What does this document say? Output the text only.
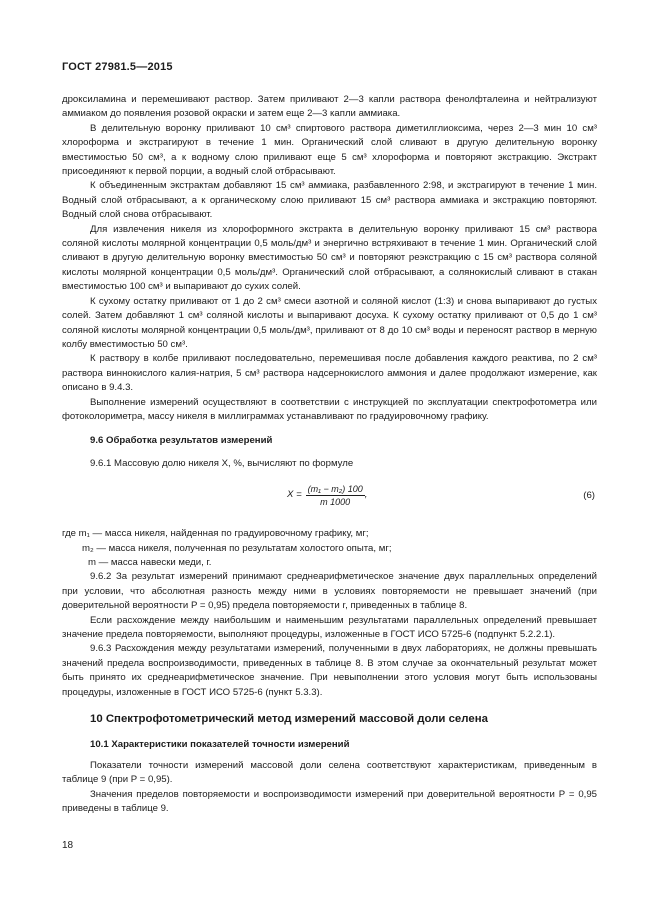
ГОСТ 27981.5—2015

дроксиламина и перемешивают раствор. Затем приливают 2—3 капли раствора фенолфталеина и нейтрализуют аммиаком до появления розовой окраски и затем еще 2—3 капли аммиака.

В делительную воронку приливают 10 см³ спиртового раствора диметилглиоксима, через 2—3 мин 10 см³ хлороформа и экстрагируют в течение 1 мин. Органический слой сливают в другую делительную воронку вместимостью 50 см³, а к водному слою приливают еще 5 см³ хлороформа и повторяют экстракцию. Экстракт присоединяют к первой порции, а водный слой отбрасывают.

К объединенным экстрактам добавляют 15 см³ аммиака, разбавленного 2:98, и экстрагируют в течение 1 мин. Водный слой отбрасывают, а к органическому слою приливают 15 см³ раствора аммиака и экстракцию повторяют. Водный слой снова отбрасывают.

Для извлечения никеля из хлороформного экстракта в делительную воронку приливают 15 см³ раствора соляной кислоты молярной концентрации 0,5 моль/дм³ и энергично встряхивают в течение 1 мин. Органический слой сливают в другую делительную воронку вместимостью 50 см³ и повторяют реэкстракцию с 15 см³ раствора соляной кислоты молярной концентрации 0,5 моль/дм³. Органический слой отбрасывают, а солянокислый сливают в стакан вместимостью 100 см³ и выпаривают до сухих солей.

К сухому остатку приливают от 1 до 2 см³ смеси азотной и соляной кислот (1:3) и снова выпаривают до густых солей. Затем добавляют 1 см³ соляной кислоты и выпаривают досуха. К сухому остатку приливают от 0,5 до 1 см³ соляной кислоты молярной концентрации 0,5 моль/дм³, приливают от 8 до 10 см³ воды и переносят раствор в мерную колбу вместимостью 50 см³.

К раствору в колбе приливают последовательно, перемешивая после добавления каждого реактива, по 2 см³ раствора виннокислого калия-натрия, 5 см³ раствора надсернокислого аммония и далее продолжают измерение, как описано в 9.4.3.

Выполнение измерений осуществляют в соответствии с инструкцией по эксплуатации спектрофотометра или фотоколориметра, массу никеля в миллиграммах устанавливают по градуировочному графику.

9.6 Обработка результатов измерений

9.6.1 Массовую долю никеля X, %, вычисляют по формуле

$X = \frac{\text{(m₁ − m₂) 100}}{m 1000}$ ,	(6)

где m₁ — масса никеля, найденная по градуировочному графику, мг;

m₂ — масса никеля, полученная по результатам холостого опыта, мг;

m — масса навески меди, г.

9.6.2 За результат измерений принимают среднеарифметическое значение двух параллельных определений при условии, что абсолютная разность между ними в условиях повторяемости не превышает значений (при доверительной вероятности P = 0,95) предела повторяемости r, приведенных в таблице 8.

Если расхождение между наибольшим и наименьшим результатами параллельных определений превышает значение предела повторяемости, выполняют процедуры, изложенные в ГОСТ ИСО 5725-6 (подпункт 5.2.2.1).

9.6.3 Расхождения между результатами измерений, полученными в двух лабораториях, не должны превышать значений предела воспроизводимости, приведенных в таблице 8. В этом случае за окончательный результат может быть принято их среднеарифметическое значение. При невыполнении этого условия могут быть использованы процедуры, изложенные в ГОСТ ИСО 5725-6 (пункт 5.3.3).

10 Спектрофотометрический метод измерений массовой доли селена

10.1 Характеристики показателей точности измерений

Показатели точности измерений массовой доли селена соответствуют характеристикам, приведенным в таблице 9 (при P = 0,95).

Значения пределов повторяемости и воспроизводимости измерений при доверительной вероятности P = 0,95 приведены в таблице 9.

18
